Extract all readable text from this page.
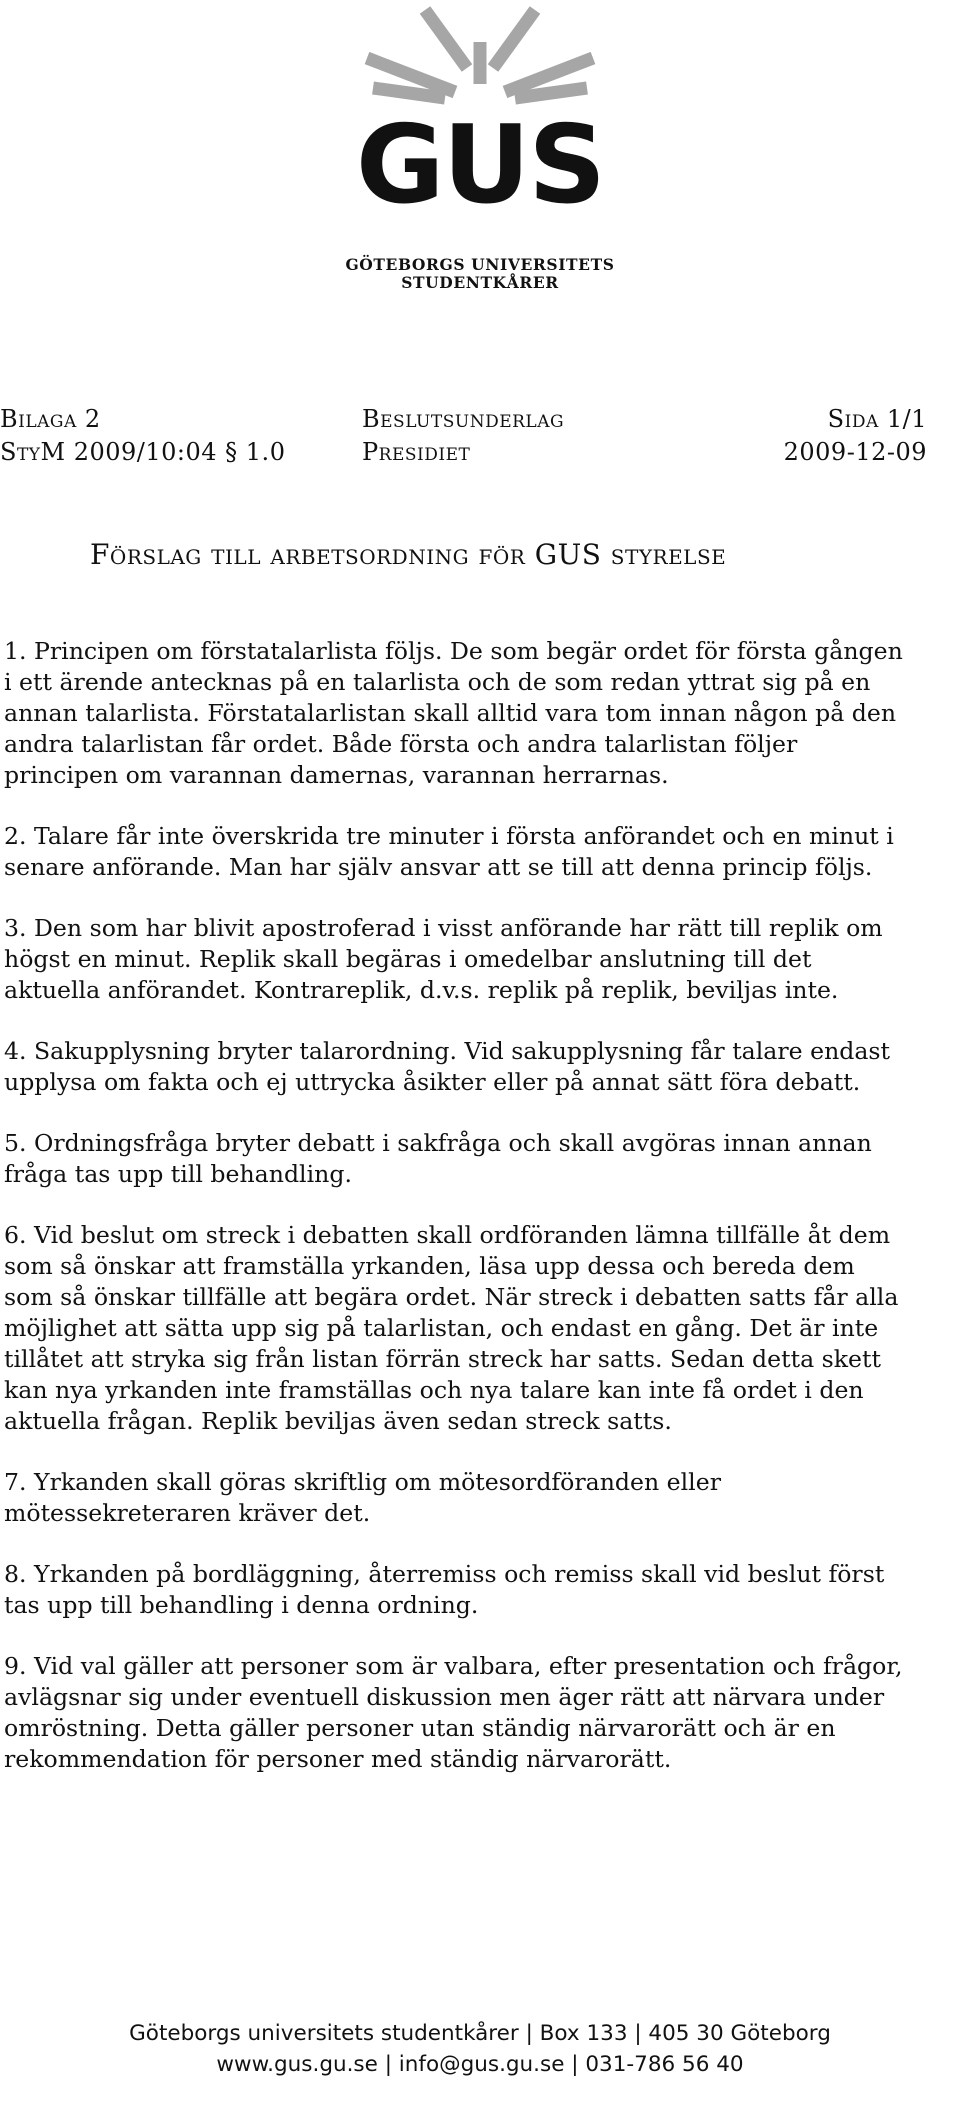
GUS
GÖTEBORGS UNIVERSITETS
STUDENTKÅRER
Bilaga 2	Beslutsunderlag	Sida 1/1
StyM 2009/10:04 § 1.0	Presidiet	2009-12-09
Förslag till arbetsordning för GUS styrelse

1. Principen om förstatalarlista följs. De som begär ordet för första gången
i ett ärende antecknas på en talarlista och de som redan yttrat sig på en
annan talarlista. Förstatalarlistan skall alltid vara tom innan någon på den
andra talarlistan får ordet. Både första och andra talarlistan följer
principen om varannan damernas, varannan herrarnas.

2. Talare får inte överskrida tre minuter i första anförandet och en minut i
senare anförande. Man har själv ansvar att se till att denna princip följs.

3. Den som har blivit apostroferad i visst anförande har rätt till replik om
högst en minut. Replik skall begäras i omedelbar anslutning till det
aktuella anförandet. Kontrareplik, d.v.s. replik på replik, beviljas inte.

4. Sakupplysning bryter talarordning. Vid sakupplysning får talare endast
upplysa om fakta och ej uttrycka åsikter eller på annat sätt föra debatt.

5. Ordningsfråga bryter debatt i sakfråga och skall avgöras innan annan
fråga tas upp till behandling.

6. Vid beslut om streck i debatten skall ordföranden lämna tillfälle åt dem
som så önskar att framställa yrkanden, läsa upp dessa och bereda dem
som så önskar tillfälle att begära ordet. När streck i debatten satts får alla
möjlighet att sätta upp sig på talarlistan, och endast en gång. Det är inte
tillåtet att stryka sig från listan förrän streck har satts. Sedan detta skett
kan nya yrkanden inte framställas och nya talare kan inte få ordet i den
aktuella frågan. Replik beviljas även sedan streck satts.

7. Yrkanden skall göras skriftlig om mötesordföranden eller
mötessekreteraren kräver det.

8. Yrkanden på bordläggning, återremiss och remiss skall vid beslut först
tas upp till behandling i denna ordning.

9. Vid val gäller att personer som är valbara, efter presentation och frågor,
avlägsnar sig under eventuell diskussion men äger rätt att närvara under
omröstning. Detta gäller personer utan ständig närvarorätt och är en
rekommendation för personer med ständig närvarorätt.

Göteborgs universitets studentkårer | Box 133 | 405 30 Göteborg
www.gus.gu.se | info@gus.gu.se | 031-786 56 40
